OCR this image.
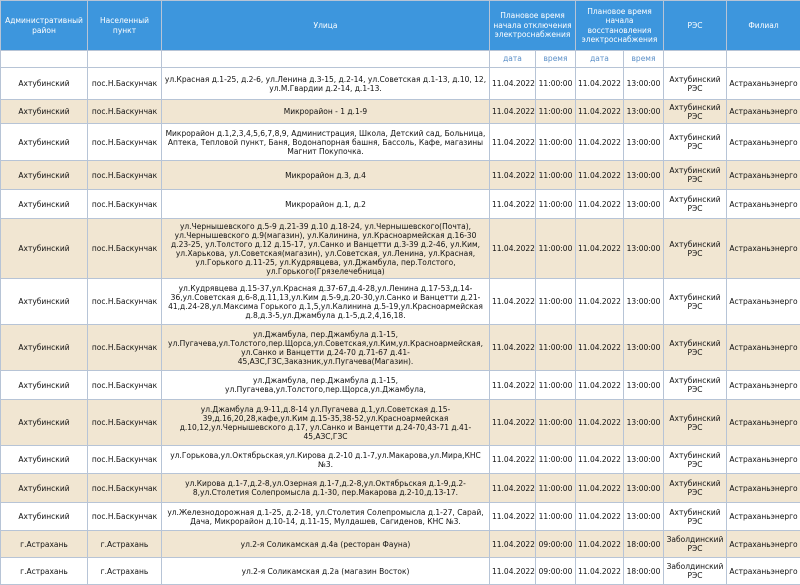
Административный район	Населенный пункт	Улица	Плановое время начала отключения электроснабжения		Плановое время начала восстановления электроснабжения		РЭС	Филиал
			дата	время	дата	время		
Ахтубинский	пос.Н.Баскунчак	ул.Красная д.1-25, д.2-6, ул.Ленина д.3-15, д.2-14, ул.Советская д.1-13, д.10, 12, ул.М.Гвардии д.2-14, д.1-13.	11.04.2022	11:00:00	11.04.2022	13:00:00	Ахтубинский РЭС	Астраханьэнерго
Ахтубинский	пос.Н.Баскунчак	Микрорайон - 1 д.1-9	11.04.2022	11:00:00	11.04.2022	13:00:00	Ахтубинский РЭС	Астраханьэнерго
Ахтубинский	пос.Н.Баскунчак	Микрорайон д.1,2,3,4,5,6,7,8,9, Администрация, Школа, Детский сад, Больница, Аптека, Тепловой пункт, Баня, Водонапорная башня, Бассоль, Кафе, магазины Магнит Покупочка.	11.04.2022	11:00:00	11.04.2022	13:00:00	Ахтубинский РЭС	Астраханьэнерго
Ахтубинский	пос.Н.Баскунчак	Микрорайон д.3, д.4	11.04.2022	11:00:00	11.04.2022	13:00:00	Ахтубинский РЭС	Астраханьэнерго
Ахтубинский	пос.Н.Баскунчак	Микрорайон д.1, д.2	11.04.2022	11:00:00	11.04.2022	13:00:00	Ахтубинский РЭС	Астраханьэнерго
Ахтубинский	пос.Н.Баскунчак	ул.Чернышевского д.5-9 д.21-39 д.10 д.18-24, ул.Чернышевского(Почта), ул.Чернышевского д.9(магазин), ул.Калинина, ул.Красноармейская д.16-30 д.23-25, ул.Толстого д.12 д.15-17, ул.Санко и Ванцетти д.3-39 д.2-46, ул.Ким, ул.Харькова, ул.Советская(магазин), ул.Советская, ул.Ленина, ул.Красная, ул.Горького д.11-25, ул.Кудрявцева, ул.Джамбула, пер.Толстого, ул.Горького(Грязелечебница)	11.04.2022	11:00:00	11.04.2022	13:00:00	Ахтубинский РЭС	Астраханьэнерго
Ахтубинский	пос.Н.Баскунчак	ул.Кудрявцева д.15-37,ул.Красная д.37-67,д.4-28,ул.Ленина д.17-53,д.14-36,ул.Советская д.6-8,д.11,13,ул.Ким д.5-9,д.20-30,ул.Санко и Ванцетти д.21-41,д.24-28,ул.Максима Горького д.1,5,ул.Калинина д.5-19,ул.Красноармейская д.8,д.3-5,ул.Джамбула д.1-5,д.2,4,16,18.	11.04.2022	11:00:00	11.04.2022	13:00:00	Ахтубинский РЭС	Астраханьэнерго
Ахтубинский	пос.Н.Баскунчак	ул.Джамбула, пер.Джамбула д.1-15, ул.Пугачева,ул.Толстого,пер.Щорса,ул.Советская,ул.Ким,ул.Красноармейская, ул.Санко и Ванцетти д.24-70 д.71-67 д.41-45,АЗС,ГЗС,Заказник,ул.Пугачева(Магазин).	11.04.2022	11:00:00	11.04.2022	13:00:00	Ахтубинский РЭС	Астраханьэнерго
Ахтубинский	пос.Н.Баскунчак	ул.Джамбула, пер.Джамбула д.1-15, ул.Пугачева,ул.Толстого,пер.Щорса,ул.Джамбула,	11.04.2022	11:00:00	11.04.2022	13:00:00	Ахтубинский РЭС	Астраханьэнерго
Ахтубинский	пос.Н.Баскунчак	ул.Джамбула д.9-11,д.8-14 ул.Пугачева д.1,ул.Советская д.15-39,д.16,20,28,кафе,ул.Ким д.15-35,38-52,ул.Красноармейская д.10,12,ул.Чернышевского д.17, ул.Санко и Ванцетти д.24-70,43-71 д.41-45,АЗС,ГЗС	11.04.2022	11:00:00	11.04.2022	13:00:00	Ахтубинский РЭС	Астраханьэнерго
Ахтубинский	пос.Н.Баскунчак	ул.Горькова,ул.Октябрьская,ул.Кирова д.2-10 д.1-7,ул.Макарова,ул.Мира,КНС №3.	11.04.2022	11:00:00	11.04.2022	13:00:00	Ахтубинский РЭС	Астраханьэнерго
Ахтубинский	пос.Н.Баскунчак	ул.Кирова д.1-7,д.2-8,ул.Озерная д.1-7,д.2-8,ул.Октябрьская д.1-9,д.2-8,ул.Столетия Солепромысла д.1-30, пер.Макарова д.2-10,д.13-17.	11.04.2022	11:00:00	11.04.2022	13:00:00	Ахтубинский РЭС	Астраханьэнерго
Ахтубинский	пос.Н.Баскунчак	ул.Железнодорожная д.1-25, д.2-18, ул.Столетия Солепромысла д.1-27, Сарай, Дача, Микрорайон д.10-14, д.11-15, Мулдашев, Сагиденов, КНС №3.	11.04.2022	11:00:00	11.04.2022	13:00:00	Ахтубинский РЭС	Астраханьэнерго
г.Астрахань	г.Астрахань	ул.2-я Соликамская д.4а (ресторан Фауна)	11.04.2022	09:00:00	11.04.2022	18:00:00	Заболдинский РЭС	Астраханьэнерго
г.Астрахань	г.Астрахань	ул.2-я Соликамская д.2а (магазин Восток)	11.04.2022	09:00:00	11.04.2022	18:00:00	Заболдинский РЭС	Астраханьэнерго
